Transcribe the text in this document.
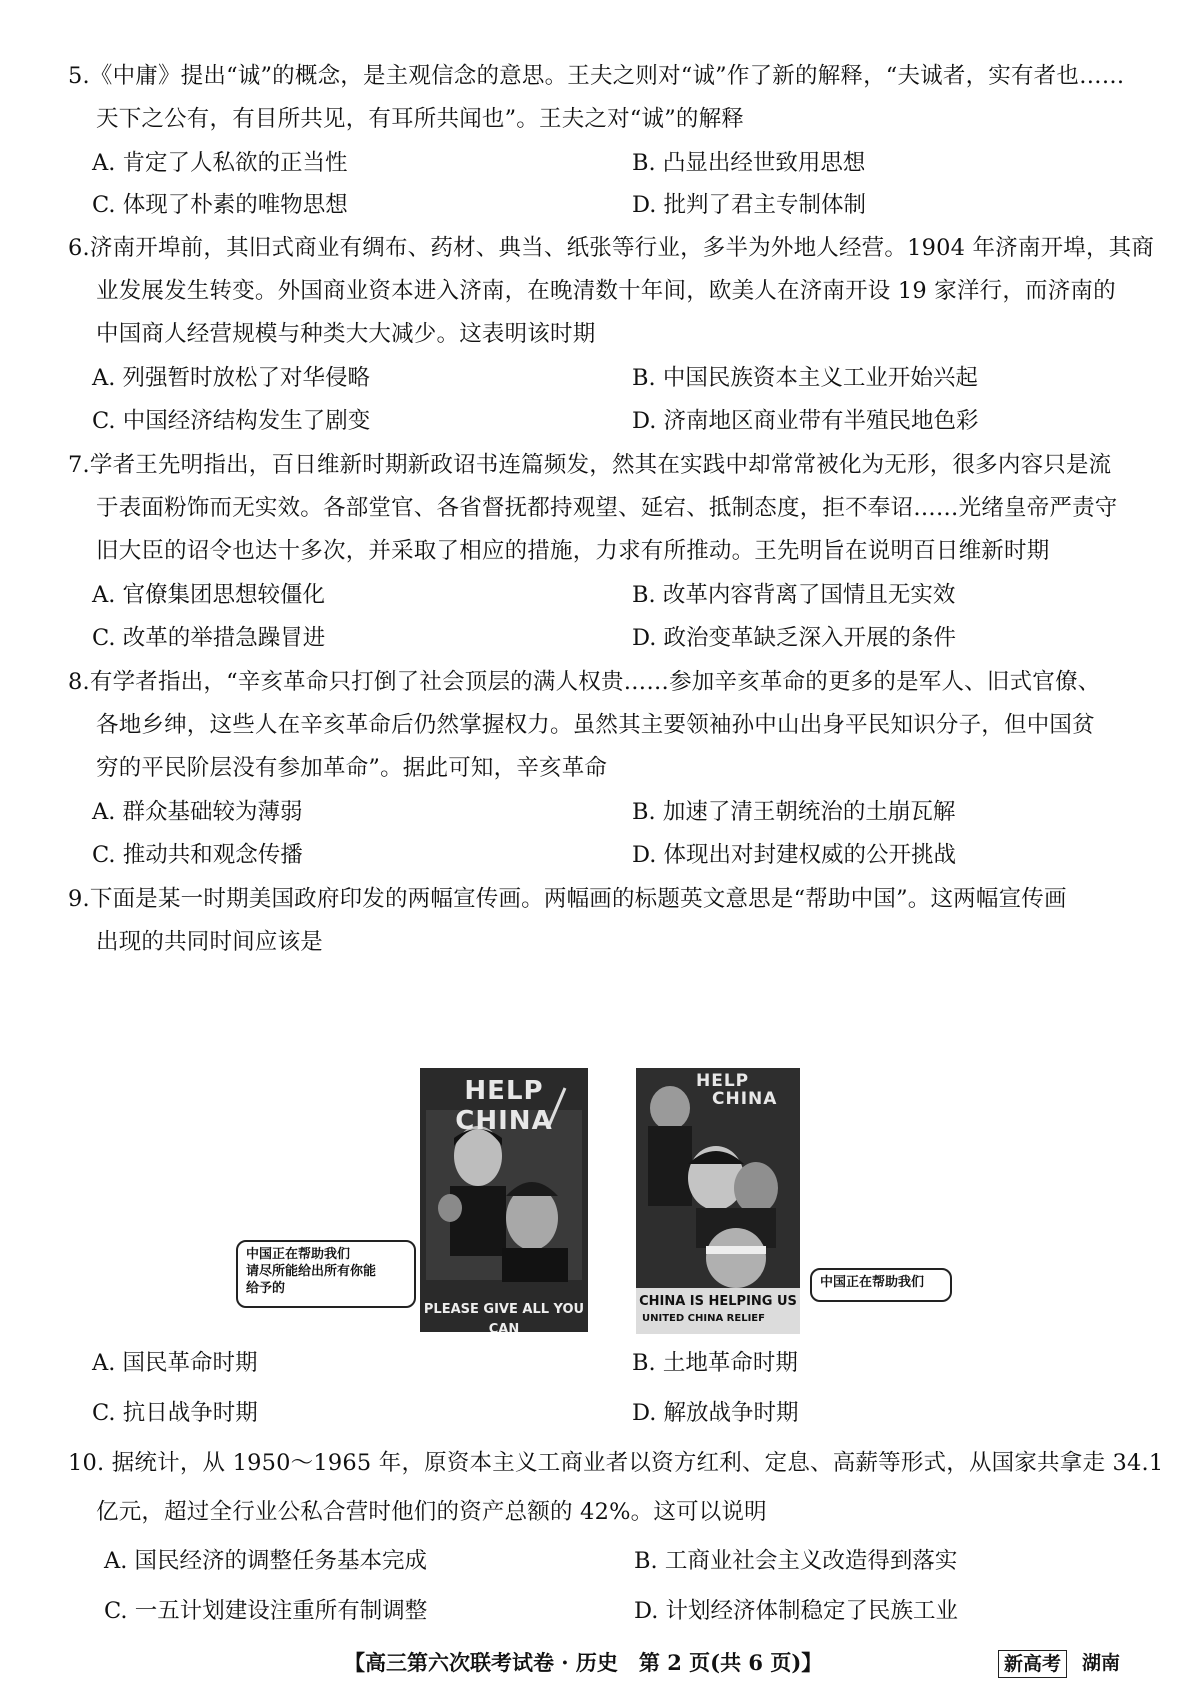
5.《中庸》提出“诚”的概念，是主观信念的意思。王夫之则对“诚”作了新的解释，“夫诚者，实有者也……
天下之公有，有目所共见，有耳所共闻也”。王夫之对“诚”的解释
A. 肯定了人私欲的正当性	B. 凸显出经世致用思想
C. 体现了朴素的唯物思想	D. 批判了君主专制体制
6.济南开埠前，其旧式商业有绸布、药材、典当、纸张等行业，多半为外地人经营。1904 年济南开埠，其商
业发展发生转变。外国商业资本进入济南，在晚清数十年间，欧美人在济南开设 19 家洋行，而济南的
中国商人经营规模与种类大大减少。这表明该时期
A. 列强暂时放松了对华侵略	B. 中国民族资本主义工业开始兴起
C. 中国经济结构发生了剧变	D. 济南地区商业带有半殖民地色彩
7.学者王先明指出，百日维新时期新政诏书连篇频发，然其在实践中却常常被化为无形，很多内容只是流
于表面粉饰而无实效。各部堂官、各省督抚都持观望、延宕、抵制态度，拒不奉诏……光绪皇帝严责守
旧大臣的诏令也达十多次，并采取了相应的措施，力求有所推动。王先明旨在说明百日维新时期
A. 官僚集团思想较僵化	B. 改革内容背离了国情且无实效
C. 改革的举措急躁冒进	D. 政治变革缺乏深入开展的条件
8.有学者指出，“辛亥革命只打倒了社会顶层的满人权贵……参加辛亥革命的更多的是军人、旧式官僚、
各地乡绅，这些人在辛亥革命后仍然掌握权力。虽然其主要领袖孙中山出身平民知识分子，但中国贫
穷的平民阶层没有参加革命”。据此可知，辛亥革命
A. 群众基础较为薄弱	B. 加速了清王朝统治的土崩瓦解
C. 推动共和观念传播	D. 体现出对封建权威的公开挑战
9.下面是某一时期美国政府印发的两幅宣传画。两幅画的标题英文意思是“帮助中国”。这两幅宣传画
出现的共同时间应该是
HELP CHINA
PLEASE GIVE ALL YOU CAN
中国正在帮助我们
请尽所能给出所有你能
给予的
HELP
CHINA
CHINA IS HELPING US
UNITED CHINA RELIEF
中国正在帮助我们
A. 国民革命时期	B. 土地革命时期
C. 抗日战争时期	D. 解放战争时期
10. 据统计，从 1950～1965 年，原资本主义工商业者以资方红利、定息、高薪等形式，从国家共拿走 34.1
亿元，超过全行业公私合营时他们的资产总额的 42%。这可以说明
A. 国民经济的调整任务基本完成	B. 工商业社会主义改造得到落实
C. 一五计划建设注重所有制调整	D. 计划经济体制稳定了民族工业
【高三第六次联考试卷 · 历史　第 2 页(共 6 页)】	新高考	湖南
